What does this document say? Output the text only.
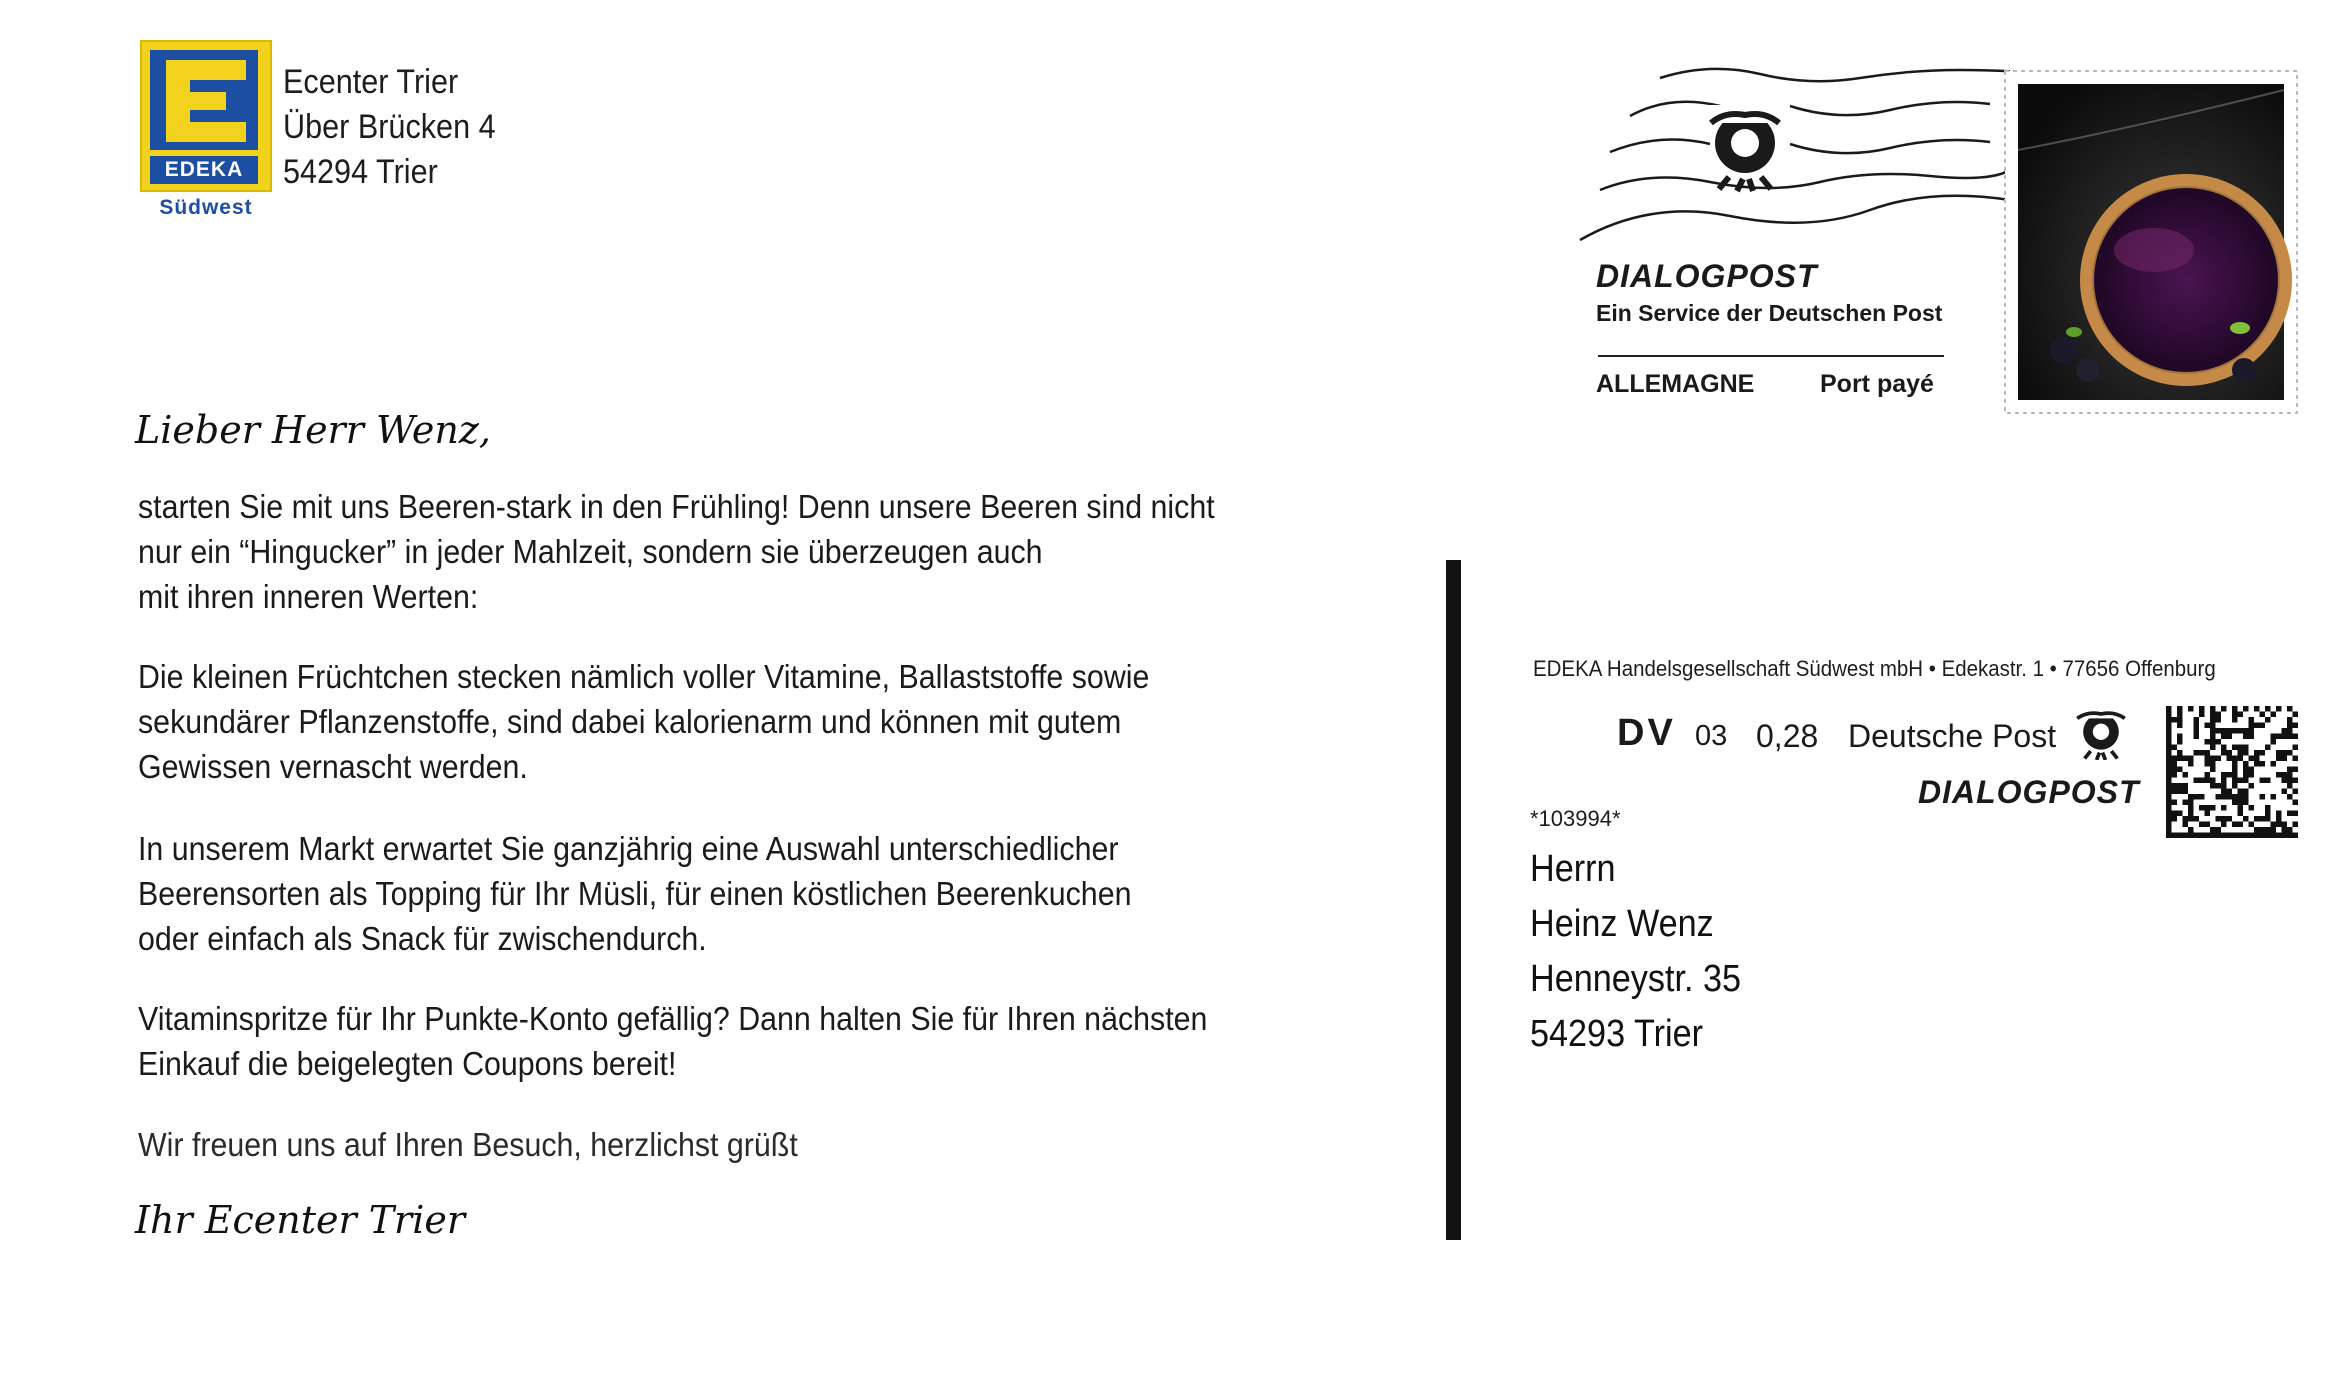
EDEKA
Südwest
Ecenter Trier
Über Brücken 4
54294 Trier
Lieber Herr Wenz,
starten Sie mit uns Beeren-stark in den Frühling! Denn unsere Beeren sind nicht
nur ein “Hingucker” in jeder Mahlzeit, sondern sie überzeugen auch
mit ihren inneren Werten:
Die kleinen Früchtchen stecken nämlich voller Vitamine, Ballaststoffe sowie
sekundärer Pflanzenstoffe, sind dabei kalorienarm und können mit gutem
Gewissen vernascht werden.
In unserem Markt erwartet Sie ganzjährig eine Auswahl unterschiedlicher
Beerensorten als Topping für Ihr Müsli, für einen köstlichen Beerenkuchen
oder einfach als Snack für zwischendurch.
Vitaminspritze für Ihr Punkte-Konto gefällig? Dann halten Sie für Ihren nächsten
Einkauf die beigelegten Coupons bereit!
Wir freuen uns auf Ihren Besuch, herzlichst grüßt
Ihr Ecenter Trier
DIALOGPOST
Ein Service der Deutschen Post
ALLEMAGNE	Port payé
EDEKA Handelsgesellschaft Südwest mbH • Edekastr. 1 • 77656 Offenburg
DV 03 0,28 Deutsche Post
DIALOGPOST
*103994*
Herrn
Heinz Wenz
Henneystr. 35
54293 Trier
